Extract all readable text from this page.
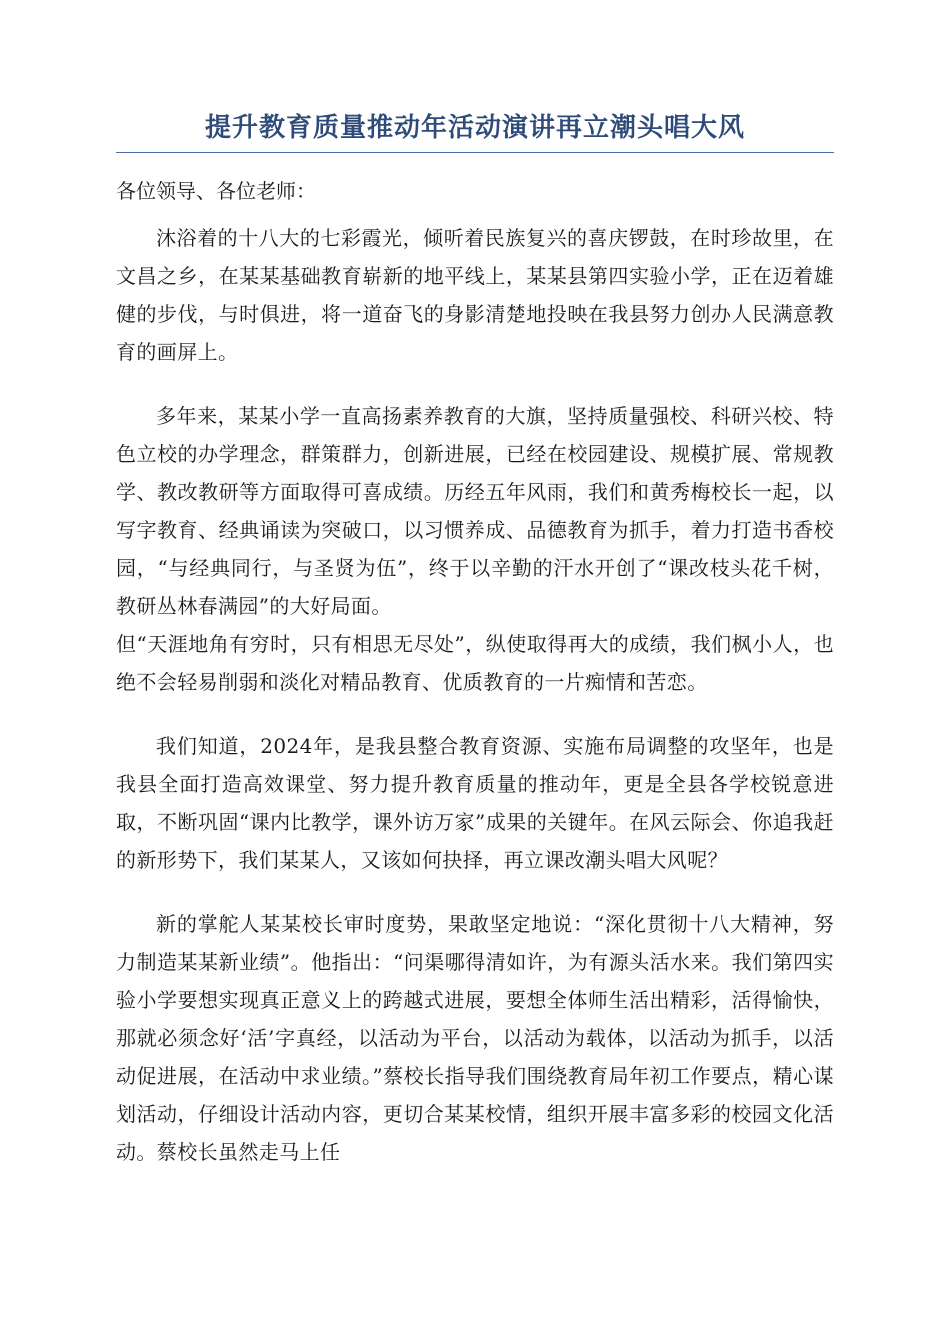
提升教育质量推动年活动演讲再立潮头唱大风

各位领导、各位老师：

沐浴着的十八大的七彩霞光，倾听着民族复兴的喜庆锣鼓，在时珍故里，在文昌之乡，在某某基础教育崭新的地平线上，某某县第四实验小学，正在迈着雄健的步伐，与时俱进，将一道奋飞的身影清楚地投映在我县努力创办人民满意教育的画屏上。

多年来，某某小学一直高扬素养教育的大旗，坚持质量强校、科研兴校、特色立校的办学理念，群策群力，创新进展，已经在校园建设、规模扩展、常规教学、教改教研等方面取得可喜成绩。历经五年风雨，我们和黄秀梅校长一起，以写字教育、经典诵读为突破口，以习惯养成、品德教育为抓手，着力打造书香校园，“与经典同行，与圣贤为伍”，终于以辛勤的汗水开创了“课改枝头花千树，教研丛林春满园”的大好局面。

但“天涯地角有穷时，只有相思无尽处”，纵使取得再大的成绩，我们枫小人，也绝不会轻易削弱和淡化对精品教育、优质教育的一片痴情和苦恋。

我们知道，2024年，是我县整合教育资源、实施布局调整的攻坚年，也是我县全面打造高效课堂、努力提升教育质量的推动年，更是全县各学校锐意进取，不断巩固“课内比教学，课外访万家”成果的关键年。在风云际会、你追我赶的新形势下，我们某某人，又该如何抉择，再立课改潮头唱大风呢？

新的掌舵人某某校长审时度势，果敢坚定地说：“深化贯彻十八大精神，努力制造某某新业绩”。他指出：“问渠哪得清如许，为有源头活水来。我们第四实验小学要想实现真正意义上的跨越式进展，要想全体师生活出精彩，活得愉快，那就必须念好‘活’字真经，以活动为平台，以活动为载体，以活动为抓手，以活动促进展，在活动中求业绩。”蔡校长指导我们围绕教育局年初工作要点，精心谋划活动，仔细设计活动内容，更切合某某校情，组织开展丰富多彩的校园文化活动。蔡校长虽然走马上任
